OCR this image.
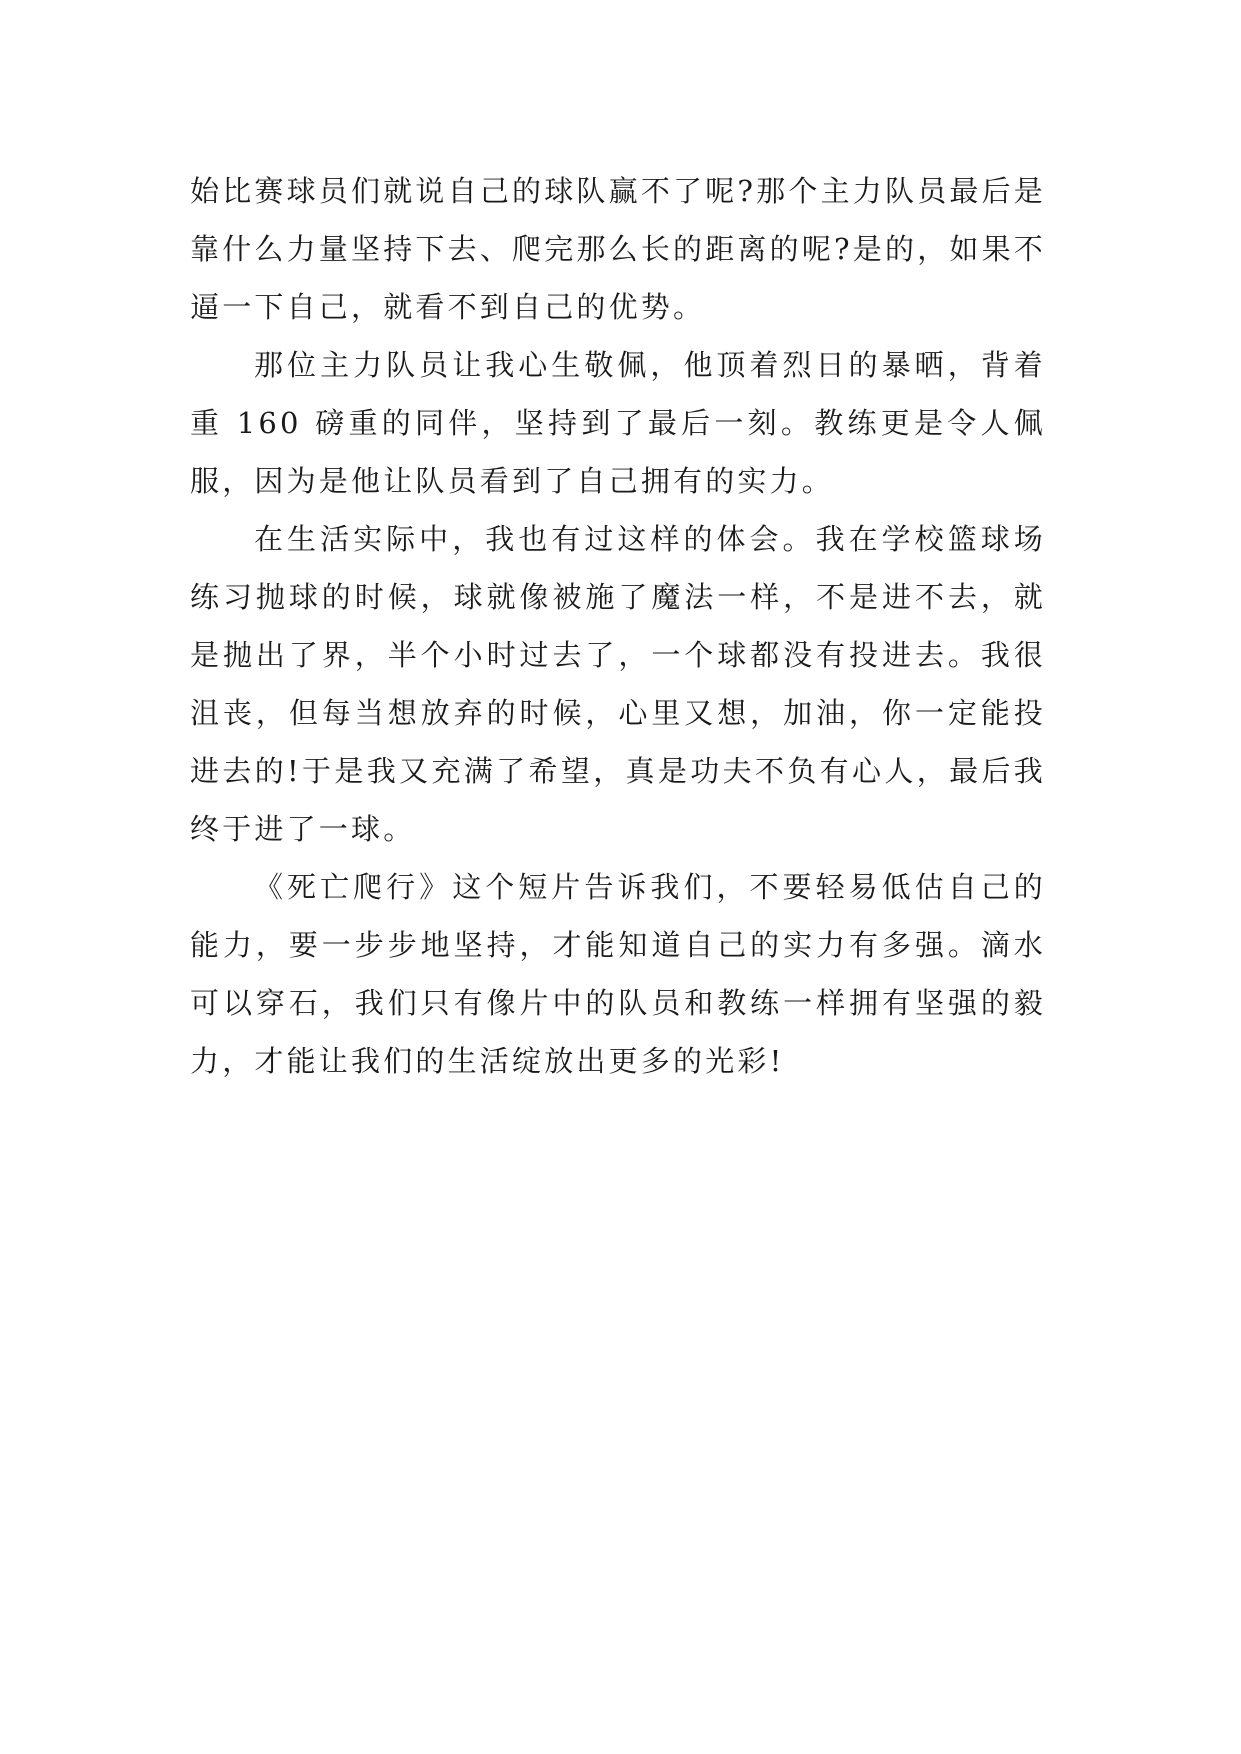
始比赛球员们就说自己的球队赢不了呢?那个主力队员最后是靠什么力量坚持下去、爬完那么长的距离的呢?是的，如果不逼一下自己，就看不到自己的优势。

那位主力队员让我心生敬佩，他顶着烈日的暴晒，背着重 160 磅重的同伴，坚持到了最后一刻。教练更是令人佩服，因为是他让队员看到了自己拥有的实力。

在生活实际中，我也有过这样的体会。我在学校篮球场练习抛球的时候，球就像被施了魔法一样，不是进不去，就是抛出了界，半个小时过去了，一个球都没有投进去。我很沮丧，但每当想放弃的时候，心里又想，加油，你一定能投进去的!于是我又充满了希望，真是功夫不负有心人，最后我终于进了一球。

《死亡爬行》这个短片告诉我们，不要轻易低估自己的能力，要一步步地坚持，才能知道自己的实力有多强。滴水可以穿石，我们只有像片中的队员和教练一样拥有坚强的毅力，才能让我们的生活绽放出更多的光彩!
